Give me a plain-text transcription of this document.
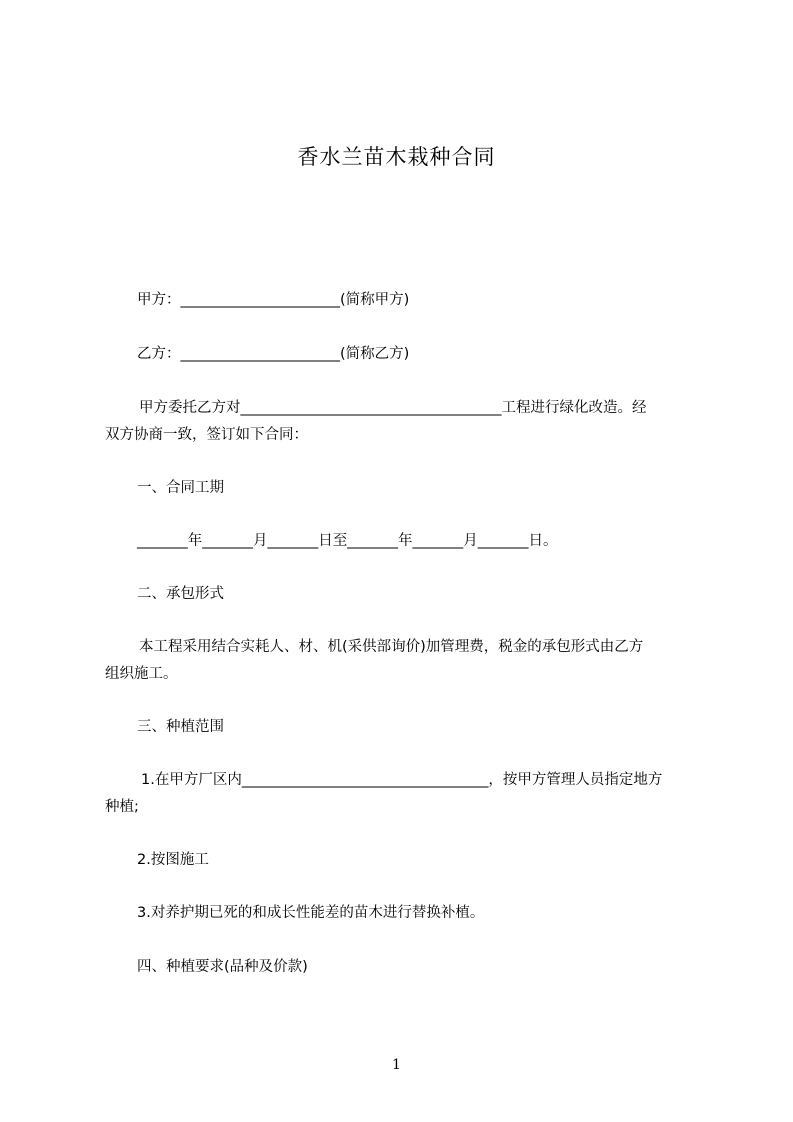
香水兰苗木栽种合同
甲方：______________________(简称甲方)
乙方：______________________(简称乙方)
甲方委托乙方对____________________________________工程进行绿化改造。经
双方协商一致，签订如下合同：
一、合同工期
_______年_______月_______日至_______年_______月_______日。
二、承包形式
本工程采用结合实耗人、材、机(采供部询价)加管理费，税金的承包形式由乙方
组织施工。
三、种植范围
1.在甲方厂区内__________________________________，按甲方管理人员指定地方
种植;
2.按图施工
3.对养护期已死的和成长性能差的苗木进行替换补植。
四、种植要求(品种及价款)
1
